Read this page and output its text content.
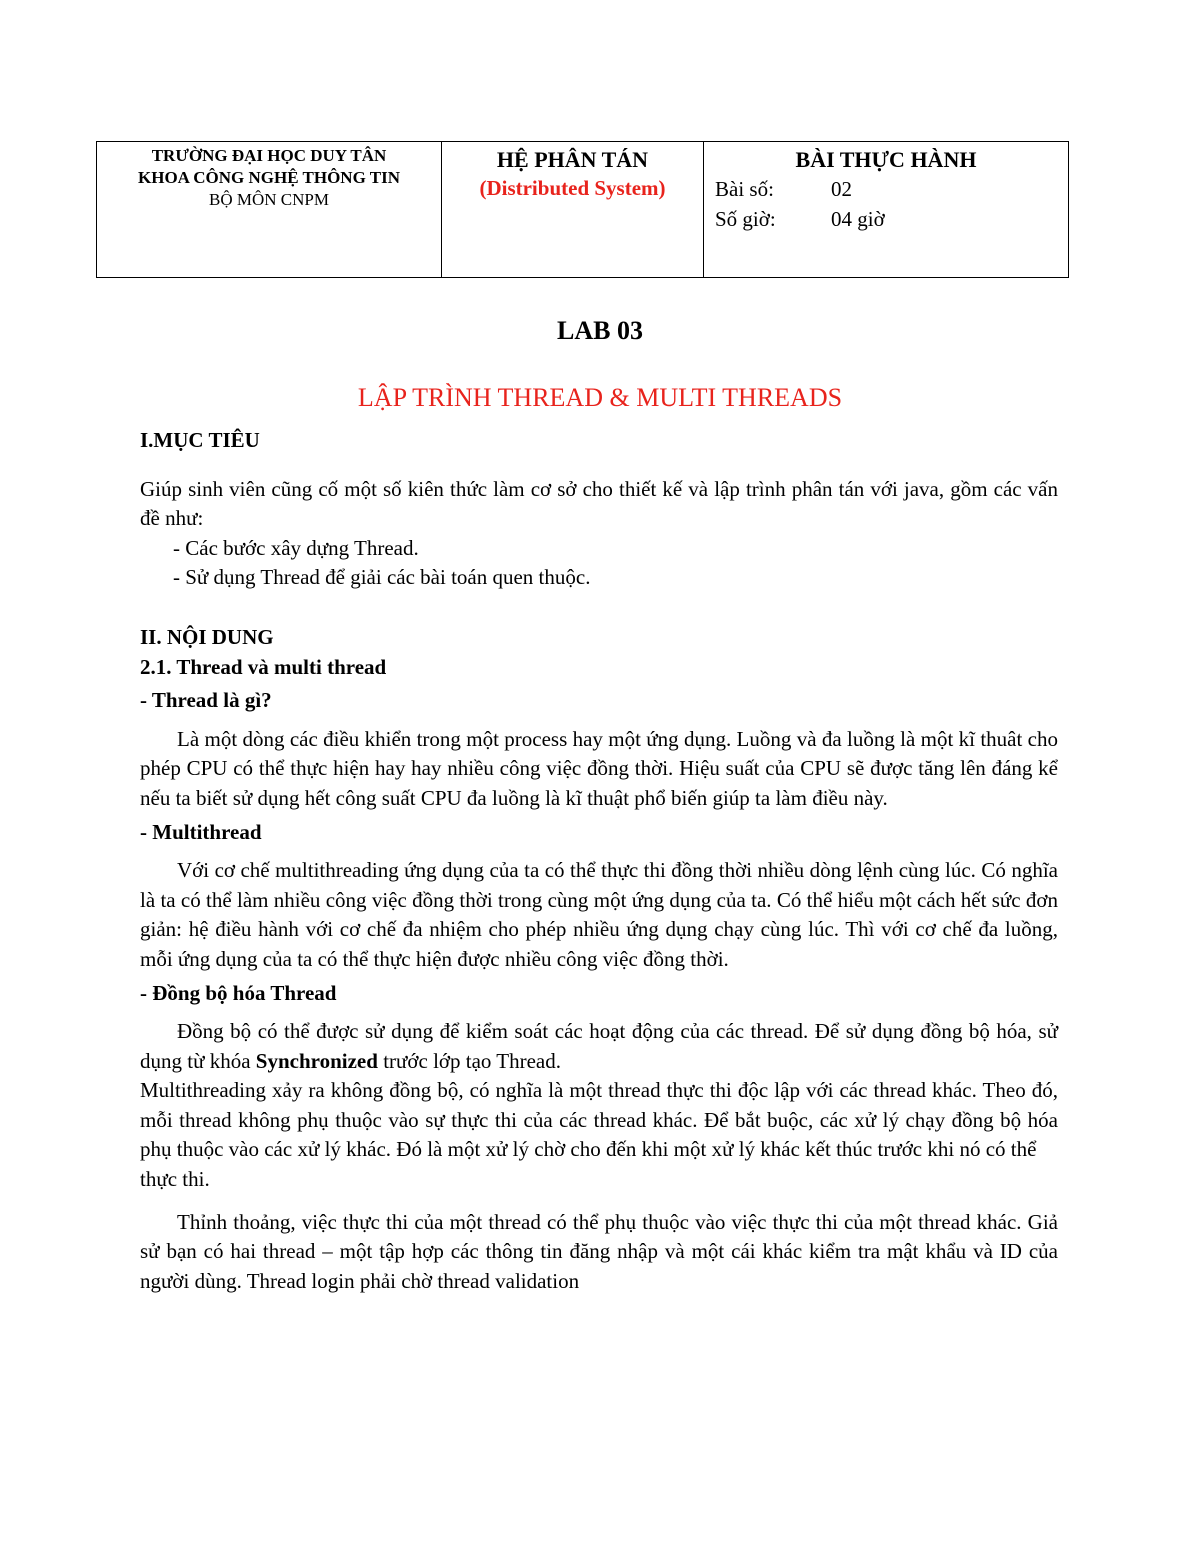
TRƯỜNG ĐẠI HỌC DUY TÂN
KHOA CÔNG NGHỆ THÔNG TIN
BỘ MÔN CNPM
HỆ PHÂN TÁN
(Distributed System)
BÀI THỰC HÀNH
Bài số:	02
Số giờ:	04 giờ
LAB 03
LẬP TRÌNH THREAD & MULTI THREADS
I.MỤC TIÊU
Giúp sinh viên cũng cố một số kiên thức làm cơ sở cho thiết kế và lập trình phân tán với java, gồm các vấn đề như:
- Các bước xây dựng Thread.
- Sử dụng Thread để giải các bài toán quen thuộc.
II. NỘI DUNG
2.1. Thread và multi thread
- Thread là gì?
Là một dòng các điều khiển trong một process hay một ứng dụng. Luồng và đa luồng là một kĩ thuât cho phép CPU có thể thực hiện hay hay nhiều công việc đồng thời. Hiệu suất của CPU sẽ được tăng lên đáng kể nếu ta biết sử dụng hết công suất CPU đa luồng là kĩ thuật phổ biến giúp ta làm điều này.
- Multithread
Với cơ chế multithreading ứng dụng của ta có thể thực thi đồng thời nhiều dòng lệnh cùng lúc. Có nghĩa là ta có thể làm nhiều công việc đồng thời trong cùng một ứng dụng của ta. Có thể hiểu một cách hết sức đơn giản: hệ điều hành với cơ chế đa nhiệm cho phép nhiều ứng dụng chạy cùng lúc. Thì với cơ chế đa luồng, mỗi ứng dụng của ta có thể thực hiện được nhiều công việc đồng thời.
- Đồng bộ hóa Thread
Đồng bộ có thể được sử dụng để kiểm soát các hoạt động của các thread. Để sử dụng đồng bộ hóa, sử dụng từ khóa Synchronized trước lớp tạo Thread.
Multithreading xảy ra không đồng bộ, có nghĩa là một thread thực thi độc lập với các thread khác. Theo đó, mỗi thread không phụ thuộc vào sự thực thi của các thread khác. Để bắt buộc, các xử lý chạy đồng bộ hóa phụ thuộc vào các xử lý khác. Đó là một xử lý chờ cho đến khi một xử lý khác kết thúc trước khi nó có thể
thực thi.
Thỉnh thoảng, việc thực thi của một thread có thể phụ thuộc vào việc thực thi của một thread khác. Giả sử bạn có hai thread – một tập hợp các thông tin đăng nhập và một cái khác kiểm tra mật khẩu và ID của người dùng. Thread login phải chờ thread validation
